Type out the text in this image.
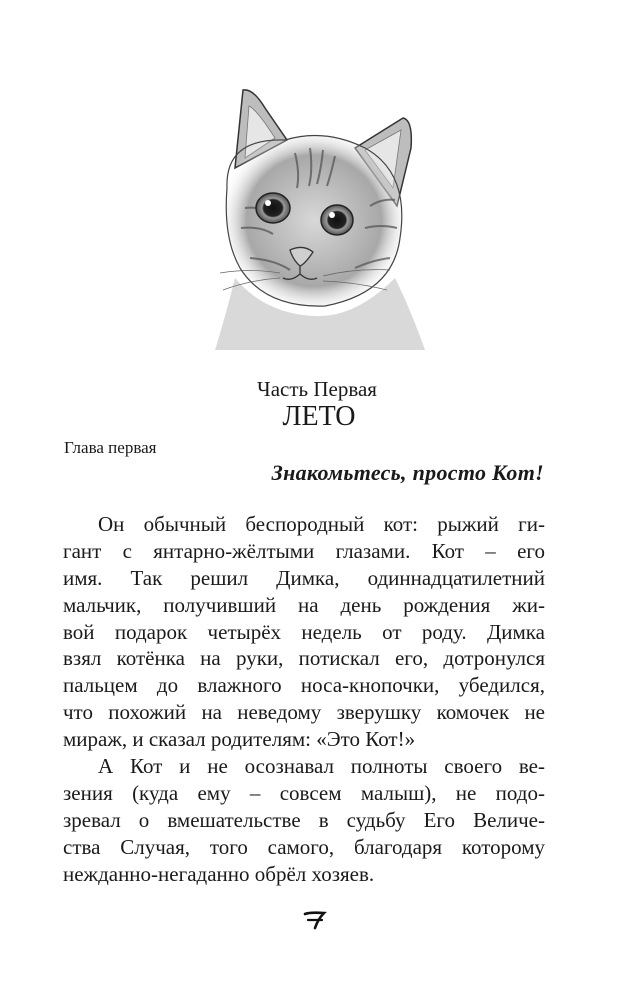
Часть Первая
ЛЕТО
Глава первая
Знакомьтесь, просто Кот!
Он обычный беспородный кот: рыжий ги-
гант с янтарно-жёлтыми глазами. Кот – его
имя. Так решил Димка, одиннадцатилетний
мальчик, получивший на день рождения жи-
вой подарок четырёх недель от роду. Димка
взял котёнка на руки, потискал его, дотронулся
пальцем до влажного носа-кнопочки, убедился,
что похожий на неведому зверушку комочек не
мираж, и сказал родителям: «Это Кот!»
А Кот и не осознавал полноты своего ве-
зения (куда ему – совсем малыш), не подо-
зревал о вмешательстве в судьбу Его Величе-
ства Случая, того самого, благодаря которому
нежданно-негаданно обрёл хозяев.
